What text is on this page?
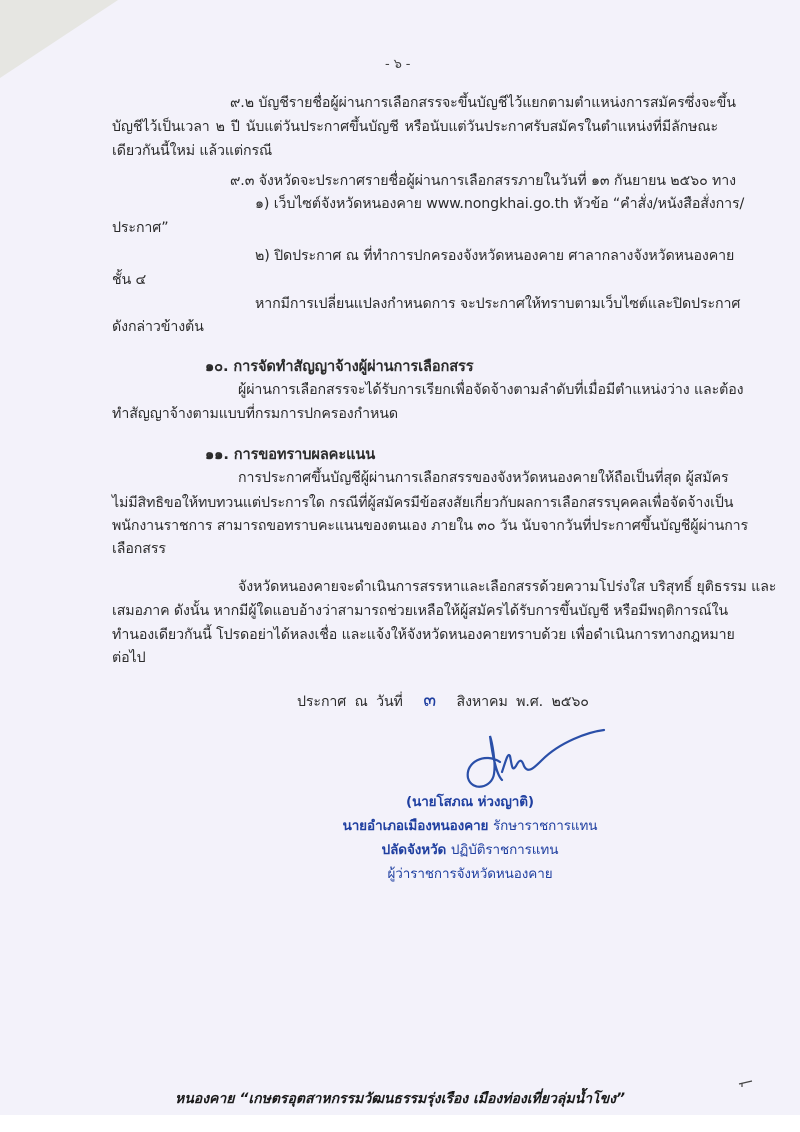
- ๖ -
๙.๒ บัญชีรายชื่อผู้ผ่านการเลือกสรรจะขึ้นบัญชีไว้แยกตามตำแหน่งการสมัครซึ่งจะขึ้น
บัญชีไว้เป็นเวลา ๒ ปี นับแต่วันประกาศขึ้นบัญชี หรือนับแต่วันประกาศรับสมัครในตำแหน่งที่มีลักษณะ
เดียวกันนี้ใหม่ แล้วแต่กรณี
๙.๓ จังหวัดจะประกาศรายชื่อผู้ผ่านการเลือกสรรภายในวันที่ ๑๓ กันยายน ๒๕๖๐ ทาง
๑) เว็บไซต์จังหวัดหนองคาย www.nongkhai.go.th หัวข้อ “คำสั่ง/หนังสือสั่งการ/
ประกาศ”
๒) ปิดประกาศ ณ ที่ทำการปกครองจังหวัดหนองคาย ศาลากลางจังหวัดหนองคาย
ชั้น ๔
หากมีการเปลี่ยนแปลงกำหนดการ จะประกาศให้ทราบตามเว็บไซต์และปิดประกาศ
ดังกล่าวข้างต้น
๑๐. การจัดทำสัญญาจ้างผู้ผ่านการเลือกสรร
ผู้ผ่านการเลือกสรรจะได้รับการเรียกเพื่อจัดจ้างตามลำดับที่เมื่อมีตำแหน่งว่าง และต้อง
ทำสัญญาจ้างตามแบบที่กรมการปกครองกำหนด
๑๑. การขอทราบผลคะแนน
การประกาศขึ้นบัญชีผู้ผ่านการเลือกสรรของจังหวัดหนองคายให้ถือเป็นที่สุด ผู้สมัคร
ไม่มีสิทธิขอให้ทบทวนแต่ประการใด กรณีที่ผู้สมัครมีข้อสงสัยเกี่ยวกับผลการเลือกสรรบุคคลเพื่อจัดจ้างเป็น
พนักงานราชการ สามารถขอทราบคะแนนของตนเอง ภายใน ๓๐ วัน นับจากวันที่ประกาศขึ้นบัญชีผู้ผ่านการ
เลือกสรร
จังหวัดหนองคายจะดำเนินการสรรหาและเลือกสรรด้วยความโปร่งใส บริสุทธิ์ ยุติธรรม และ
เสมอภาค ดังนั้น หากมีผู้ใดแอบอ้างว่าสามารถช่วยเหลือให้ผู้สมัครได้รับการขึ้นบัญชี หรือมีพฤติการณ์ใน
ทำนองเดียวกันนี้ โปรดอย่าได้หลงเชื่อ และแจ้งให้จังหวัดหนองคายทราบด้วย เพื่อดำเนินการทางกฎหมาย
ต่อไป
ประกาศ ณ วันที่ ๓ สิงหาคม พ.ศ. ๒๕๖๐
(นายโสภณ ห่วงญาติ)
นายอำเภอเมืองหนองคาย รักษาราชการแทน
ปลัดจังหวัด ปฏิบัติราชการแทน
ผู้ว่าราชการจังหวัดหนองคาย
หนองคาย “เกษตรอุตสาหกรรมวัฒนธรรมรุ่งเรือง เมืองท่องเที่ยวลุ่มน้ำโขง”
